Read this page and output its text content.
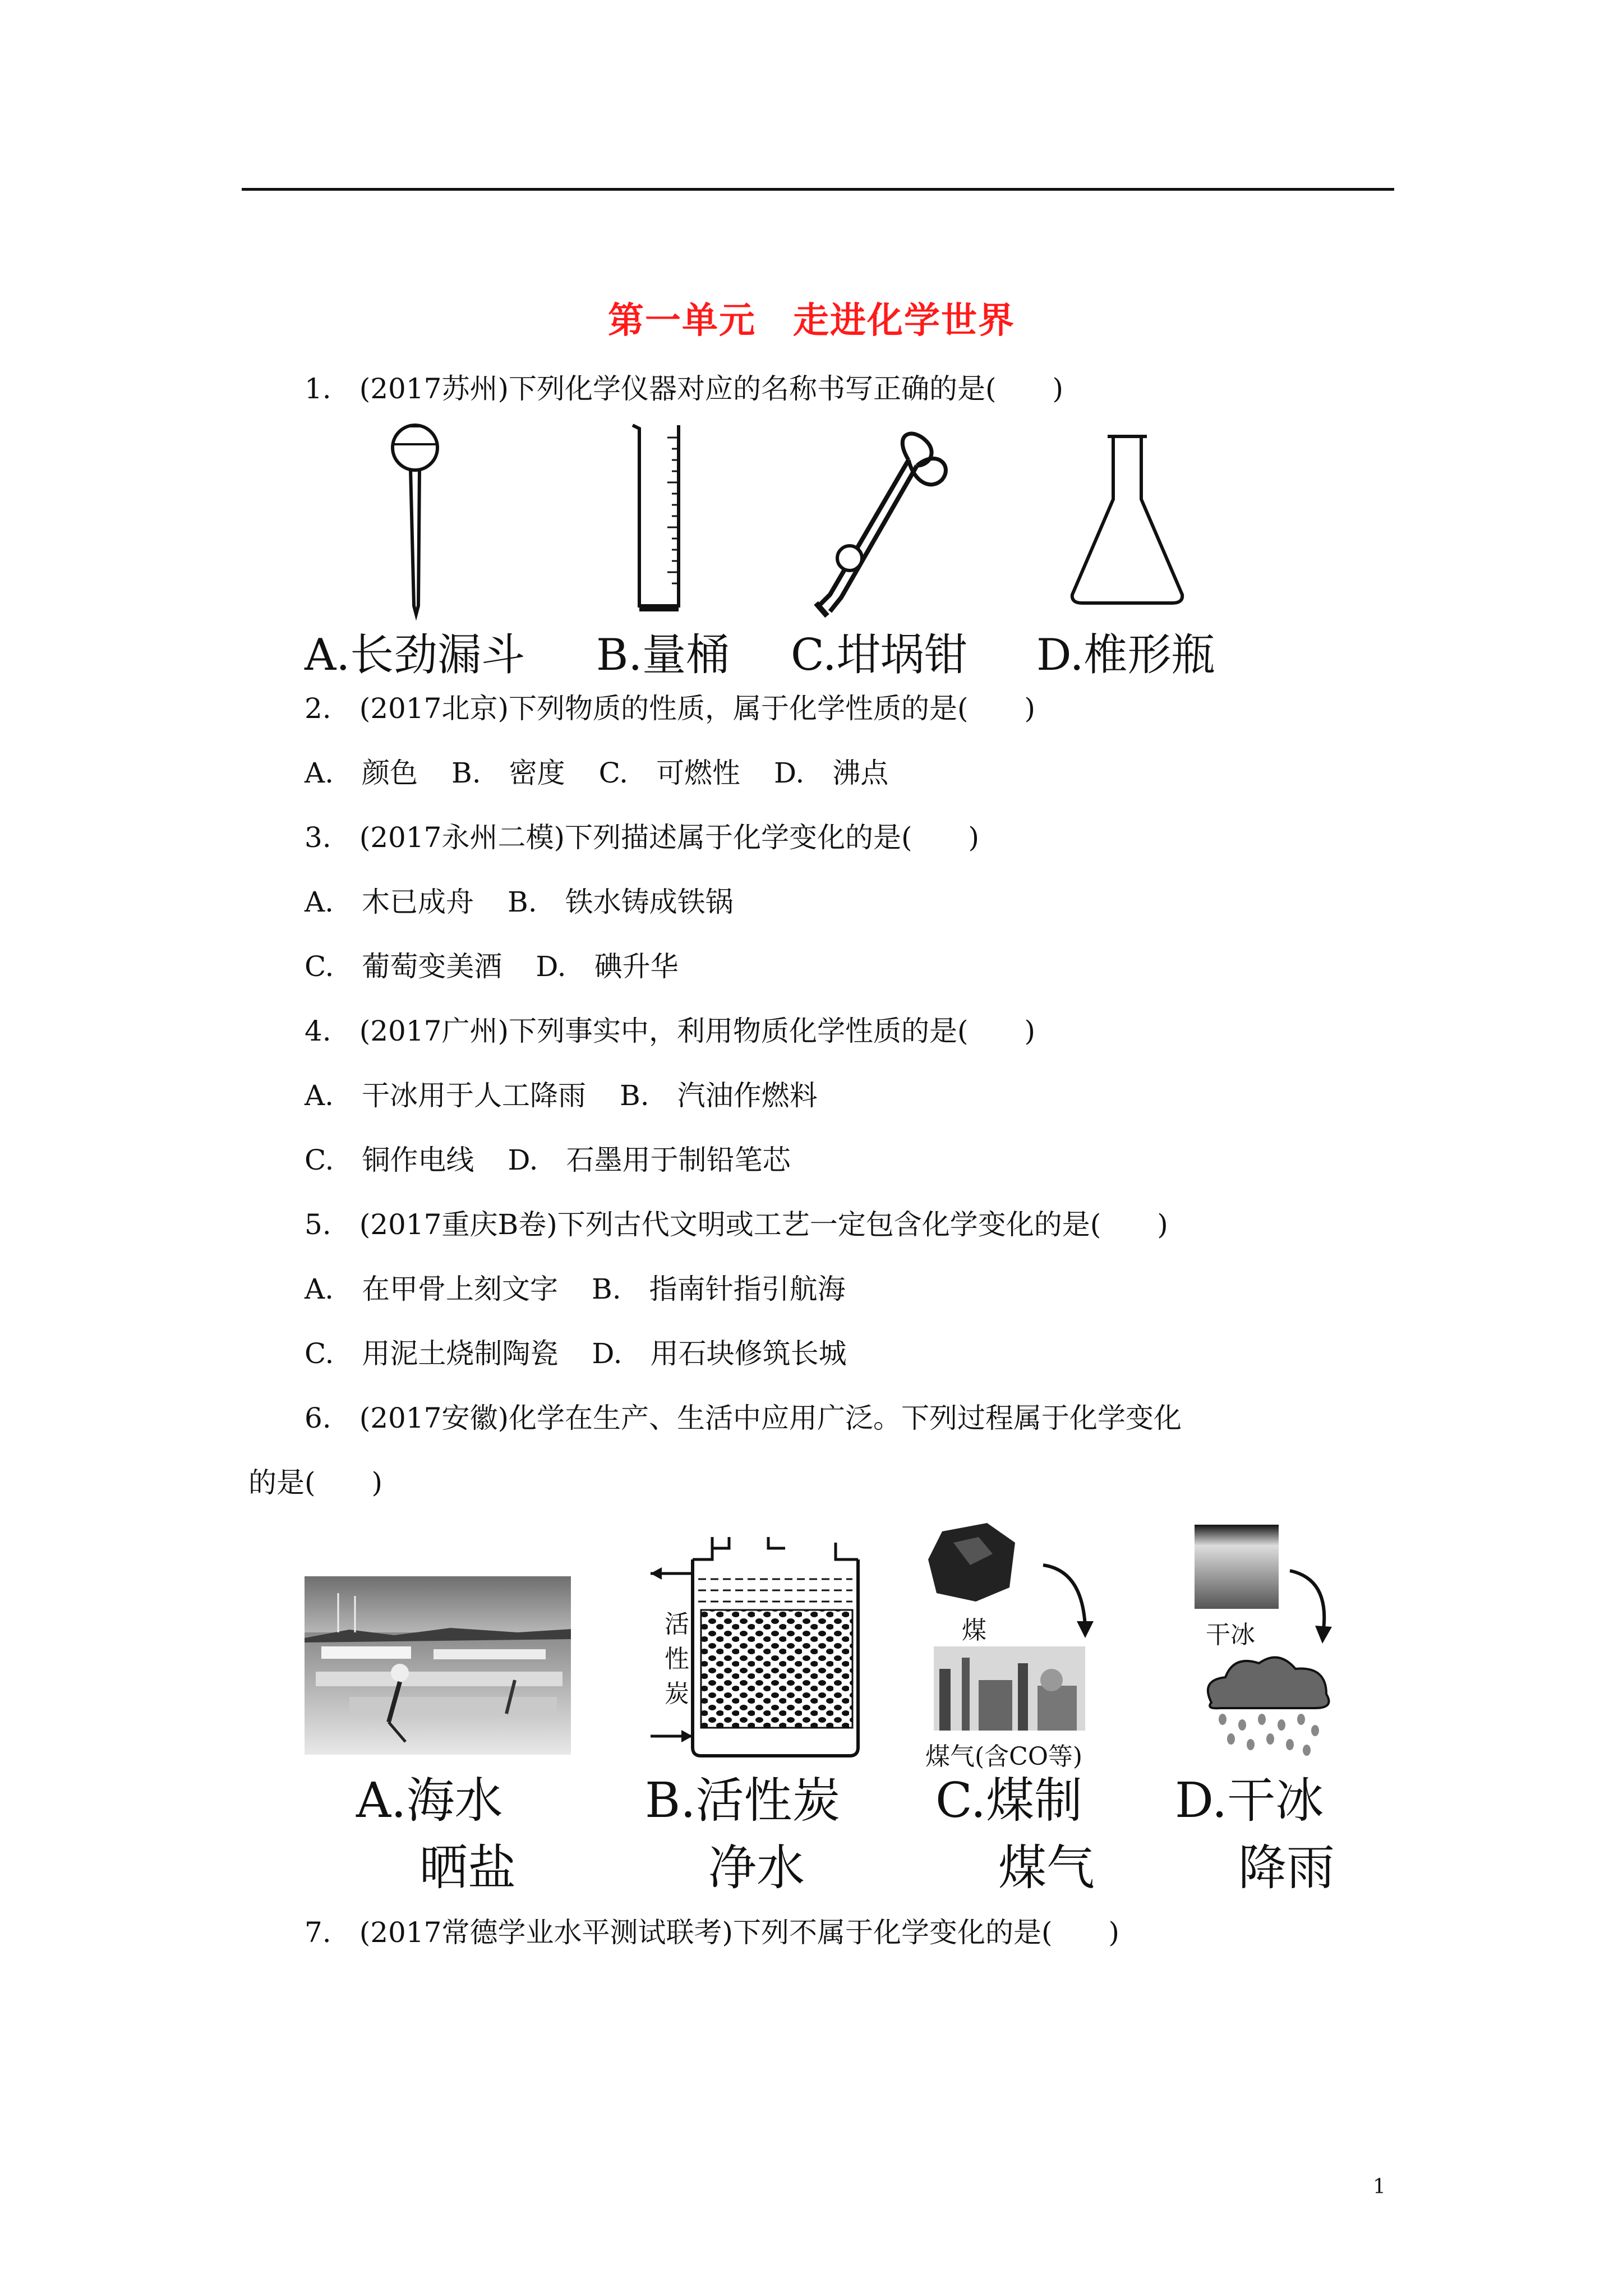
第一单元　走进化学世界
1.　(2017苏州)下列化学仪器对应的名称书写正确的是(　　)
A.长劲漏斗 B.量桶 C.坩埚钳 D.椎形瓶
2.　(2017北京)下列物质的性质，属于化学性质的是(　　)
A.　颜色 B.　密度 C.　可燃性 D.　沸点
3.　(2017永州二模)下列描述属于化学变化的是(　　)
A.　木已成舟 B.　铁水铸成铁锅
C.　葡萄变美酒 D.　碘升华
4.　(2017广州)下列事实中，利用物质化学性质的是(　　)
A.　干冰用于人工降雨 B.　汽油作燃料
C.　铜作电线 D.　石墨用于制铅笔芯
5.　(2017重庆B卷)下列古代文明或工艺一定包含化学变化的是(　　)
A.　在甲骨上刻文字 B.　指南针指引航海
C.　用泥土烧制陶瓷 D.　用石块修筑长城
6.　(2017安徽)化学在生产、生活中应用广泛。下列过程属于化学变化
的是(　　)
活
性
炭
煤
煤气(含CO等)
干冰
A.海水
晒盐
B.活性炭
净水
C.煤制
煤气
D.干冰
降雨
7.　(2017常德学业水平测试联考)下列不属于化学变化的是(　　)
1
